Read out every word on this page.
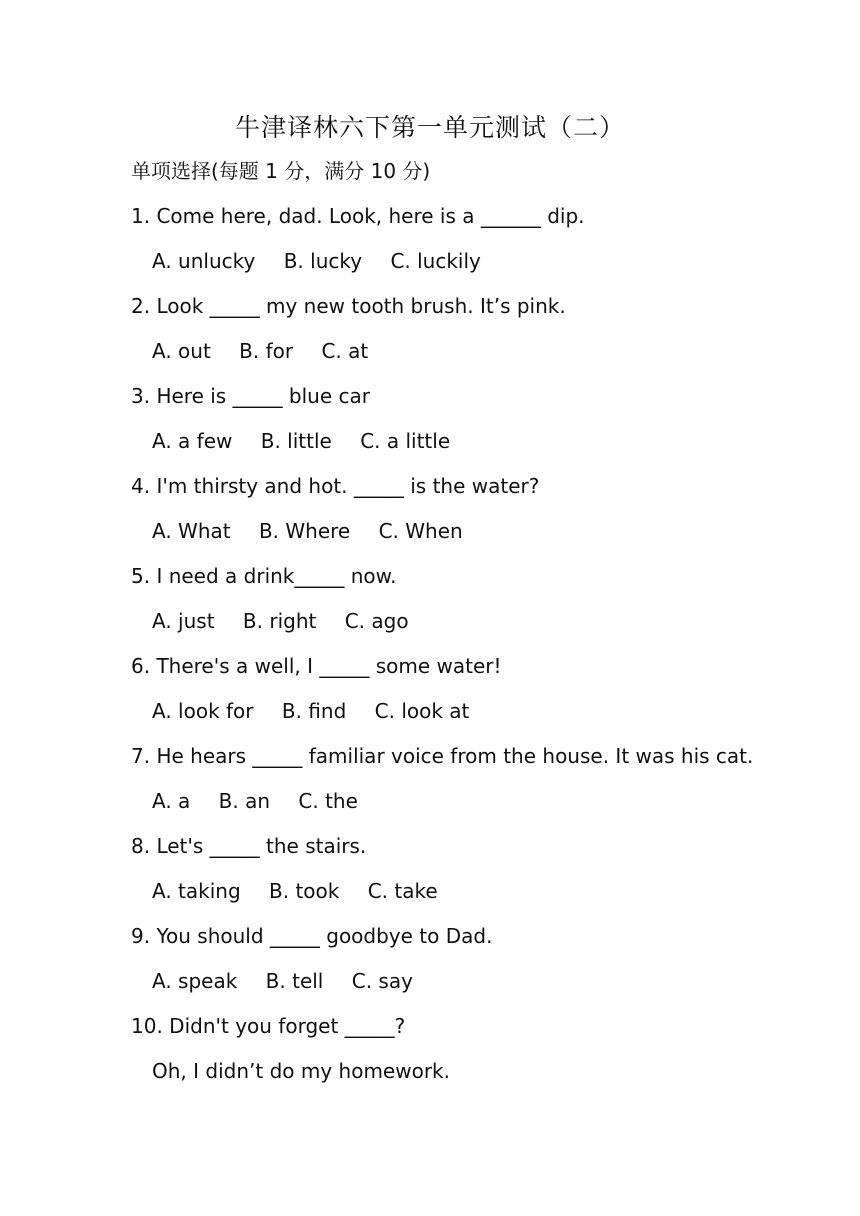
牛津译林六下第一单元测试（二）
单项选择(每题 1 分，满分 10 分)
1. Come here, dad. Look, here is a ______ dip.
A. unlucky B. lucky C. luckily
2. Look _____ my new tooth brush. It’s pink.
A. out B. for C. at
3. Here is _____ blue car
A. a few B. little C. a little
4. I'm thirsty and hot. _____ is the water?
A. What B. Where C. When
5. I need a drink_____ now.
A. just B. right C. ago
6. There's a well, I _____ some water!
A. look for B. find C. look at
7. He hears _____ familiar voice from the house. It was his cat.
A. a B. an C. the
8. Let's _____ the stairs.
A. taking B. took C. take
9. You should _____ goodbye to Dad.
A. speak B. tell C. say
10. Didn't you forget _____?
Oh, I didn’t do my homework.
